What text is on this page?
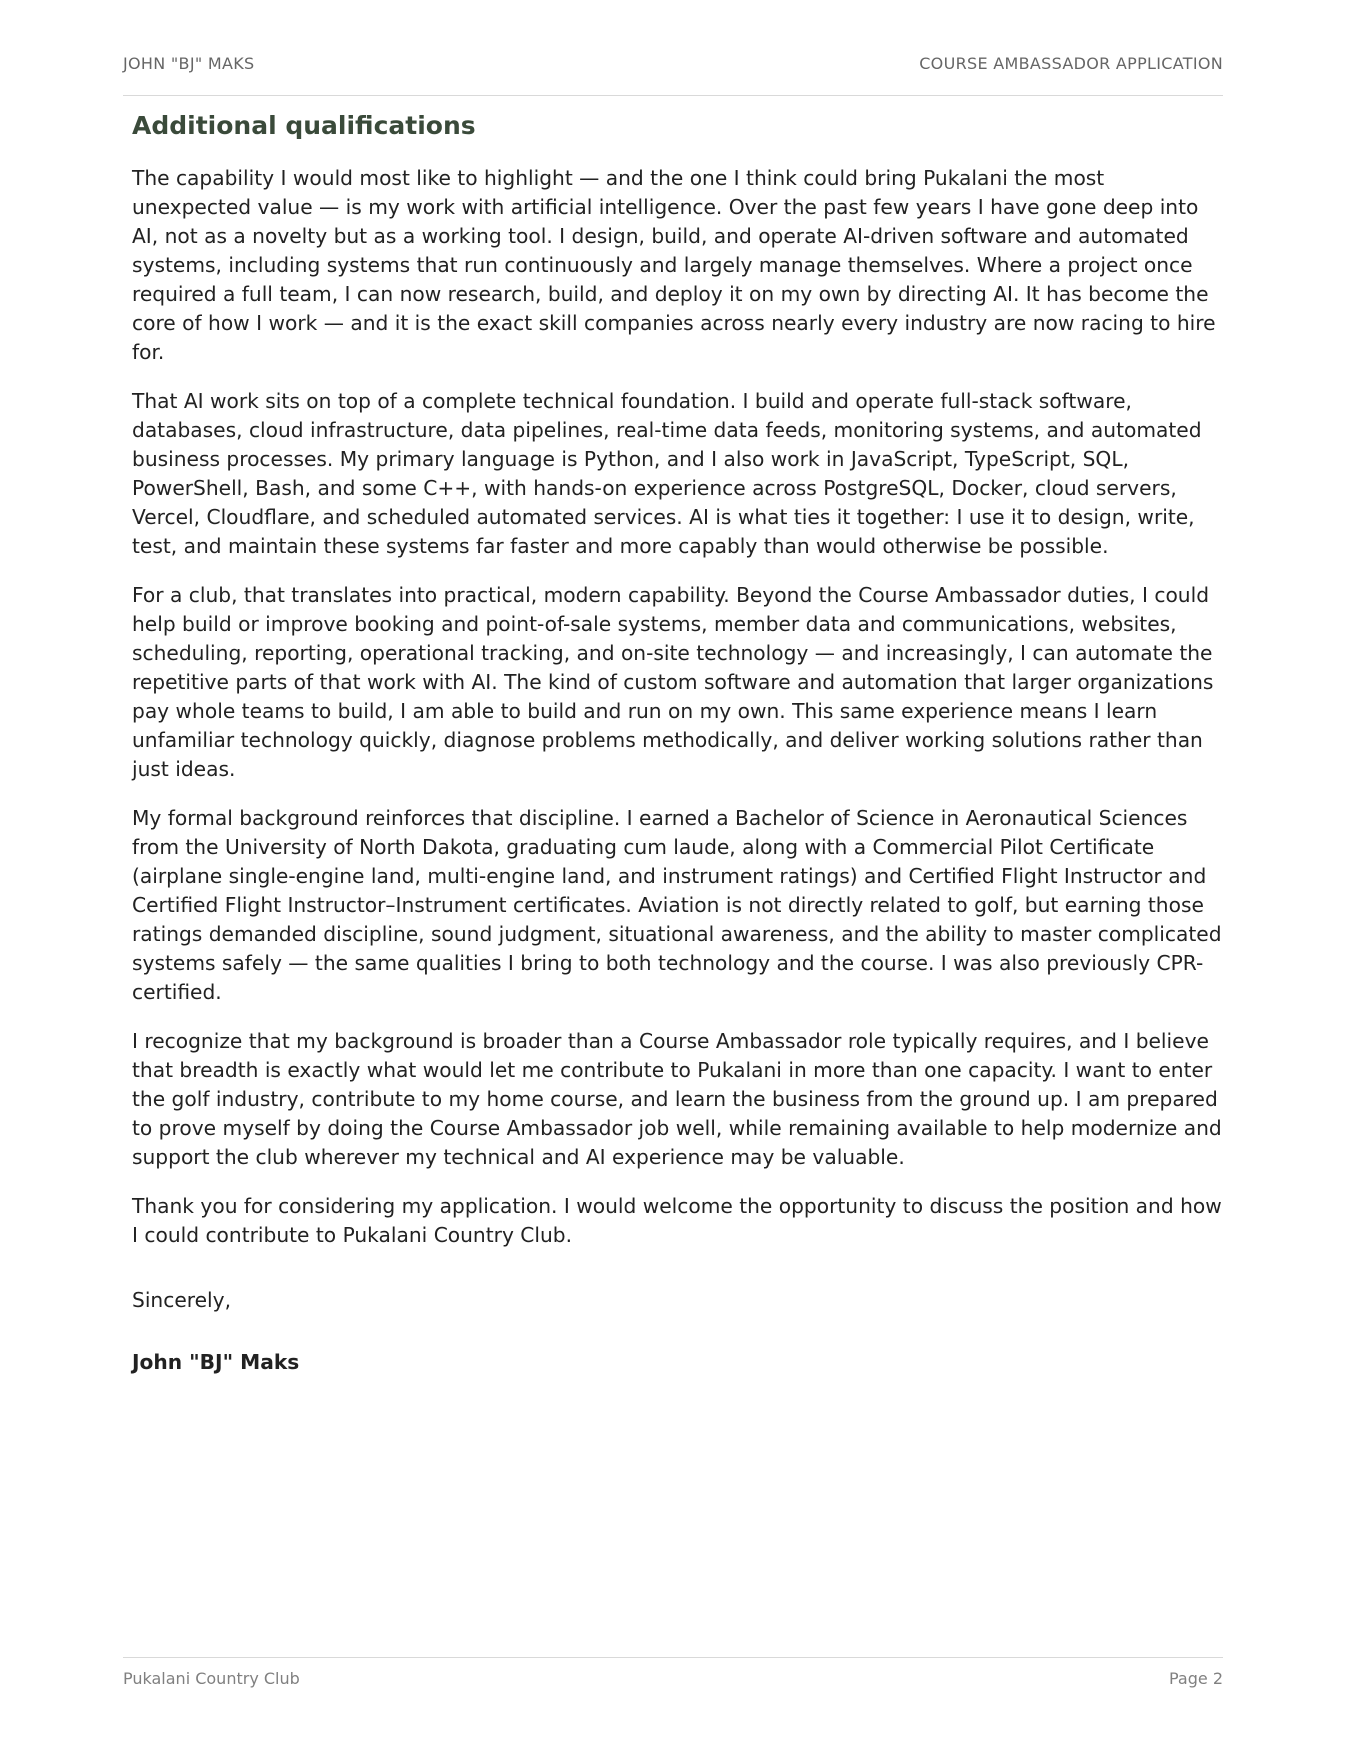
JOHN "BJ" MAKS	COURSE AMBASSADOR APPLICATION
Additional qualifications

The capability I would most like to highlight — and the one I think could bring Pukalani the most unexpected value — is my work with artificial intelligence. Over the past few years I have gone deep into AI, not as a novelty but as a working tool. I design, build, and operate AI-driven software and automated systems, including systems that run continuously and largely manage themselves. Where a project once required a full team, I can now research, build, and deploy it on my own by directing AI. It has become the core of how I work — and it is the exact skill companies across nearly every industry are now racing to hire for.

That AI work sits on top of a complete technical foundation. I build and operate full-stack software, databases, cloud infrastructure, data pipelines, real-time data feeds, monitoring systems, and automated business processes. My primary language is Python, and I also work in JavaScript, TypeScript, SQL, PowerShell, Bash, and some C++, with hands-on experience across PostgreSQL, Docker, cloud servers, Vercel, Cloudflare, and scheduled automated services. AI is what ties it together: I use it to design, write, test, and maintain these systems far faster and more capably than would otherwise be possible.

For a club, that translates into practical, modern capability. Beyond the Course Ambassador duties, I could help build or improve booking and point-of-sale systems, member data and communications, websites, scheduling, reporting, operational tracking, and on-site technology — and increasingly, I can automate the repetitive parts of that work with AI. The kind of custom software and automation that larger organizations pay whole teams to build, I am able to build and run on my own. This same experience means I learn unfamiliar technology quickly, diagnose problems methodically, and deliver working solutions rather than just ideas.

My formal background reinforces that discipline. I earned a Bachelor of Science in Aeronautical Sciences from the University of North Dakota, graduating cum laude, along with a Commercial Pilot Certificate (airplane single-engine land, multi-engine land, and instrument ratings) and Certified Flight Instructor and Certified Flight Instructor–Instrument certificates. Aviation is not directly related to golf, but earning those ratings demanded discipline, sound judgment, situational awareness, and the ability to master complicated systems safely — the same qualities I bring to both technology and the course. I was also previously CPR-certified.

I recognize that my background is broader than a Course Ambassador role typically requires, and I believe that breadth is exactly what would let me contribute to Pukalani in more than one capacity. I want to enter the golf industry, contribute to my home course, and learn the business from the ground up. I am prepared to prove myself by doing the Course Ambassador job well, while remaining available to help modernize and support the club wherever my technical and AI experience may be valuable.

Thank you for considering my application. I would welcome the opportunity to discuss the position and how I could contribute to Pukalani Country Club.

Sincerely,

John "BJ" Maks

Pukalani Country Club	Page 2
